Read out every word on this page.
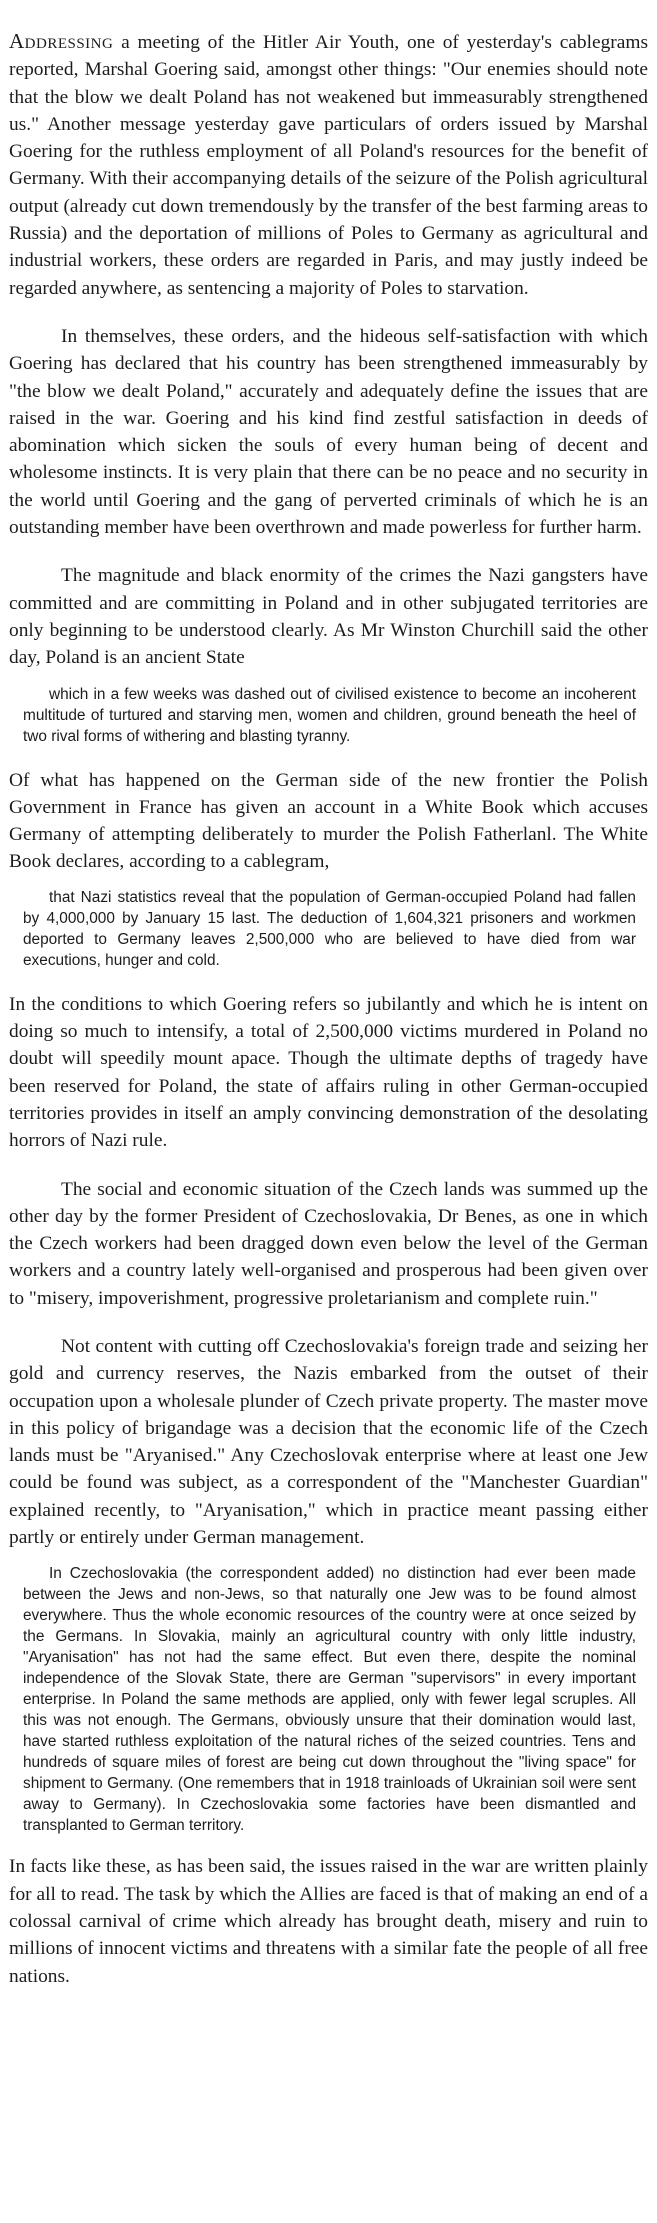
Addressing a meeting of the Hitler Air Youth, one of yesterday's cablegrams reported, Marshal Goering said, amongst other things: "Our enemies should note that the blow we dealt Poland has not weakened but immeasurably strengthened us." Another message yesterday gave particulars of orders issued by Marshal Goering for the ruthless employment of all Poland's resources for the benefit of Germany. With their accompanying details of the seizure of the Polish agricultural output (already cut down tremendously by the transfer of the best farming areas to Russia) and the deportation of millions of Poles to Germany as agricultural and industrial workers, these orders are regarded in Paris, and may justly indeed be regarded anywhere, as sentencing a majority of Poles to starvation.

In themselves, these orders, and the hideous self-satisfaction with which Goering has declared that his country has been strengthened immeasurably by "the blow we dealt Poland," accurately and adequately define the issues that are raised in the war. Goering and his kind find zestful satisfaction in deeds of abomination which sicken the souls of every human being of decent and wholesome instincts. It is very plain that there can be no peace and no security in the world until Goering and the gang of perverted criminals of which he is an outstanding member have been overthrown and made powerless for further harm.

The magnitude and black enormity of the crimes the Nazi gangsters have committed and are committing in Poland and in other subjugated territories are only beginning to be understood clearly. As Mr Winston Churchill said the other day, Poland is an ancient State

which in a few weeks was dashed out of civilised existence to become an incoherent multitude of turtured and starving men, women and children, ground beneath the heel of two rival forms of withering and blasting tyranny.

Of what has happened on the German side of the new frontier the Polish Government in France has given an account in a White Book which accuses Germany of attempting deliberately to murder the Polish Fatherlanl. The White Book declares, according to a cablegram,

that Nazi statistics reveal that the population of German-occupied Poland had fallen by 4,000,000 by January 15 last. The deduction of 1,604,321 prisoners and workmen deported to Germany leaves 2,500,000 who are believed to have died from war executions, hunger and cold.

In the conditions to which Goering refers so jubilantly and which he is intent on doing so much to intensify, a total of 2,500,000 victims murdered in Poland no doubt will speedily mount apace. Though the ultimate depths of tragedy have been reserved for Poland, the state of affairs ruling in other German-occupied territories provides in itself an amply convincing demonstration of the desolating horrors of Nazi rule.

The social and economic situation of the Czech lands was summed up the other day by the former President of Czechoslovakia, Dr Benes, as one in which the Czech workers had been dragged down even below the level of the German workers and a country lately well-organised and prosperous had been given over to "misery, impoverishment, progressive proletarianism and complete ruin."

Not content with cutting off Czechoslovakia's foreign trade and seizing her gold and currency reserves, the Nazis embarked from the outset of their occupation upon a wholesale plunder of Czech private property. The master move in this policy of brigandage was a decision that the economic life of the Czech lands must be "Aryanised." Any Czechoslovak enterprise where at least one Jew could be found was subject, as a correspondent of the "Manchester Guardian" explained recently, to "Aryanisation," which in practice meant passing either partly or entirely under German management.

In Czechoslovakia (the correspondent added) no distinction had ever been made between the Jews and non-Jews, so that naturally one Jew was to be found almost everywhere. Thus the whole economic resources of the country were at once seized by the Germans. In Slovakia, mainly an agricultural country with only little industry, "Aryanisation" has not had the same effect. But even there, despite the nominal independence of the Slovak State, there are German "supervisors" in every important enterprise. In Poland the same methods are applied, only with fewer legal scruples. All this was not enough. The Germans, obviously unsure that their domination would last, have started ruthless exploitation of the natural riches of the seized countries. Tens and hundreds of square miles of forest are being cut down throughout the "living space" for shipment to Germany. (One remembers that in 1918 trainloads of Ukrainian soil were sent away to Germany). In Czechoslovakia some factories have been dismantled and transplanted to German territory.

In facts like these, as has been said, the issues raised in the war are written plainly for all to read. The task by which the Allies are faced is that of making an end of a colossal carnival of crime which already has brought death, misery and ruin to millions of innocent victims and threatens with a similar fate the people of all free nations.
